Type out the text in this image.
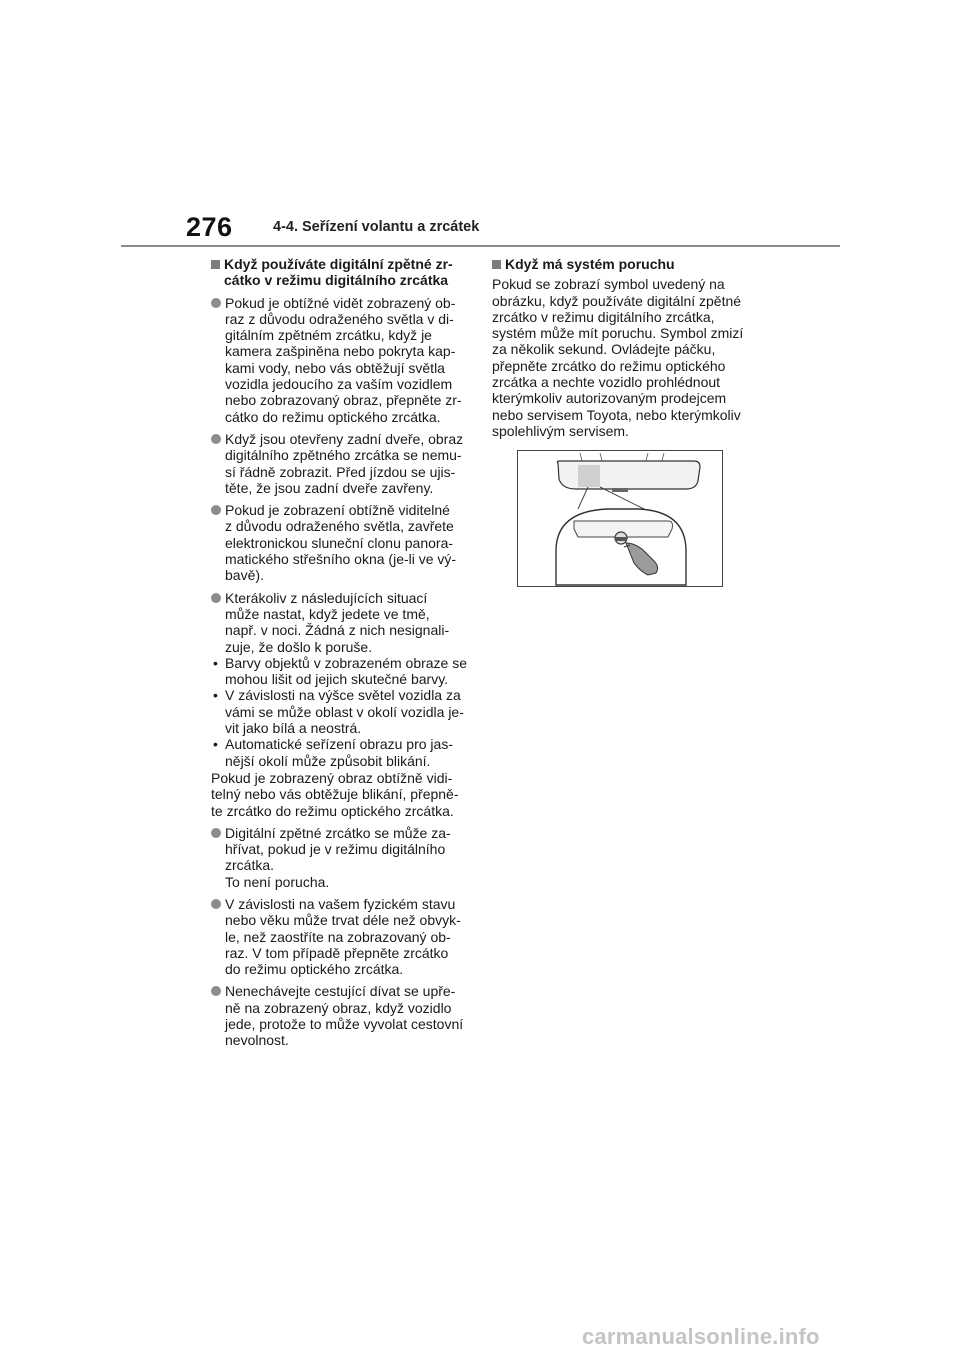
276	4-4. Seřízení volantu a zrcátek
Když používáte digitální zpětné zr-
cátko v režimu digitálního zrcátka
Pokud je obtížné vidět zobrazený ob-
raz z důvodu odraženého světla v di-
gitálním zpětném zrcátku, když je
kamera zašpiněna nebo pokryta kap-
kami vody, nebo vás obtěžují světla
vozidla jedoucího za vaším vozidlem
nebo zobrazovaný obraz, přepněte zr-
cátko do režimu optického zrcátka.
Když jsou otevřeny zadní dveře, obraz
digitálního zpětného zrcátka se nemu-
sí řádně zobrazit. Před jízdou se ujis-
těte, že jsou zadní dveře zavřeny.
Pokud je zobrazení obtížně viditelné
z důvodu odraženého světla, zavřete
elektronickou sluneční clonu panora-
matického střešního okna (je-li ve vý-
bavě).
Kterákoliv z následujících situací
může nastat, když jedete ve tmě,
např. v noci. Žádná z nich nesignali-
zuje, že došlo k poruše.
• Barvy objektů v zobrazeném obraze se
mohou lišit od jejich skutečné barvy.
• V závislosti na výšce světel vozidla za
vámi se může oblast v okolí vozidla je-
vit jako bílá a neostrá.
• Automatické seřízení obrazu pro jas-
nější okolí může způsobit blikání.
Pokud je zobrazený obraz obtížně vidi-
telný nebo vás obtěžuje blikání, přepně-
te zrcátko do režimu optického zrcátka.
Digitální zpětné zrcátko se může za-
hřívat, pokud je v režimu digitálního
zrcátka.
To není porucha.
V závislosti na vašem fyzickém stavu
nebo věku může trvat déle než obvyk-
le, než zaostříte na zobrazovaný ob-
raz. V tom případě přepněte zrcátko
do režimu optického zrcátka.
Nenechávejte cestující dívat se upře-
ně na zobrazený obraz, když vozidlo
jede, protože to může vyvolat cestovní
nevolnost.
Když má systém poruchu
Pokud se zobrazí symbol uvedený na
obrázku, když používáte digitální zpětné
zrcátko v režimu digitálního zrcátka,
systém může mít poruchu. Symbol zmizí
za několik sekund. Ovládejte páčku,
přepněte zrcátko do režimu optického
zrcátka a nechte vozidlo prohlédnout
kterýmkoliv autorizovaným prodejcem
nebo servisem Toyota, nebo kterýmkoliv
spolehlivým servisem.
carmanualsonline.info
